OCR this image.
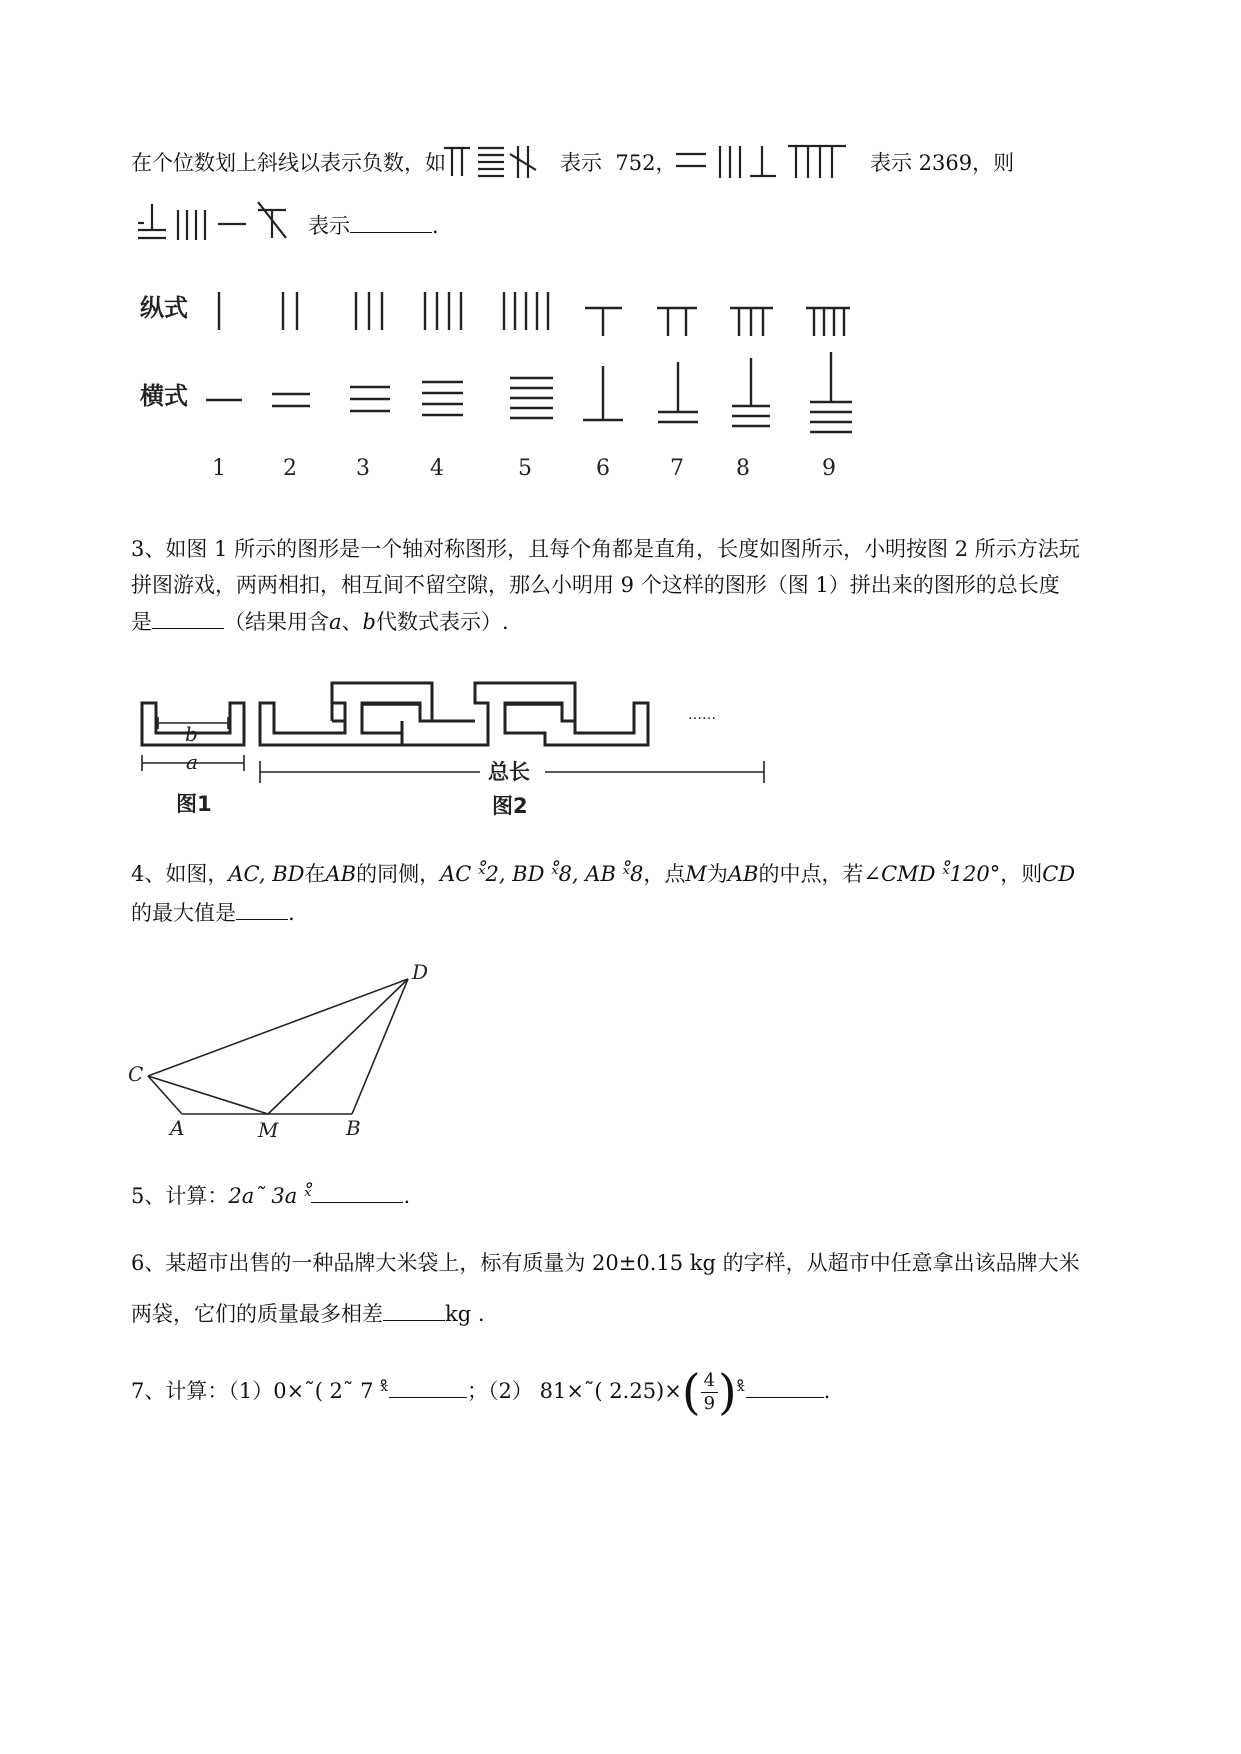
在个位数划上斜线以表示负数，如	表示 752，	表示 2369，则
表示	.
纵式
横式
1	2	3	4	5	6	7 8	9
3、如图 1 所示的图形是一个轴对称图形，且每个角都是直角，长度如图所示，小明按图 2 所示方法玩
拼图游戏，两两相扣，相互间不留空隙，那么小明用 9 个这样的图形（图 1）拼出来的图形的总长度
是	（结果用含a、b代数式表示）.
b
a
图1
……
总长
图2
4、如图，AC, BD在AB的同侧，AC ˣ̊2, BD ˣ̊8, AB ˣ̊8，点M为AB的中点，若∠CMD ˣ̊120°，则CD
的最大值是 .
D
C
A	M	B
5、计算：2a˜ 3a ˣ̊	.
6、某超市出售的一种品牌大米袋上，标有质量为 20±0.15 kg 的字样，从超市中任意拿出该品牌大米
两袋，它们的质量最多相差	kg .
7、计算：（1）0×˜( 2˜ 7 ˣ̊	；（2） 81×˜( $2.25)\times( \frac{4}{9}$ )ˣ̊	.
